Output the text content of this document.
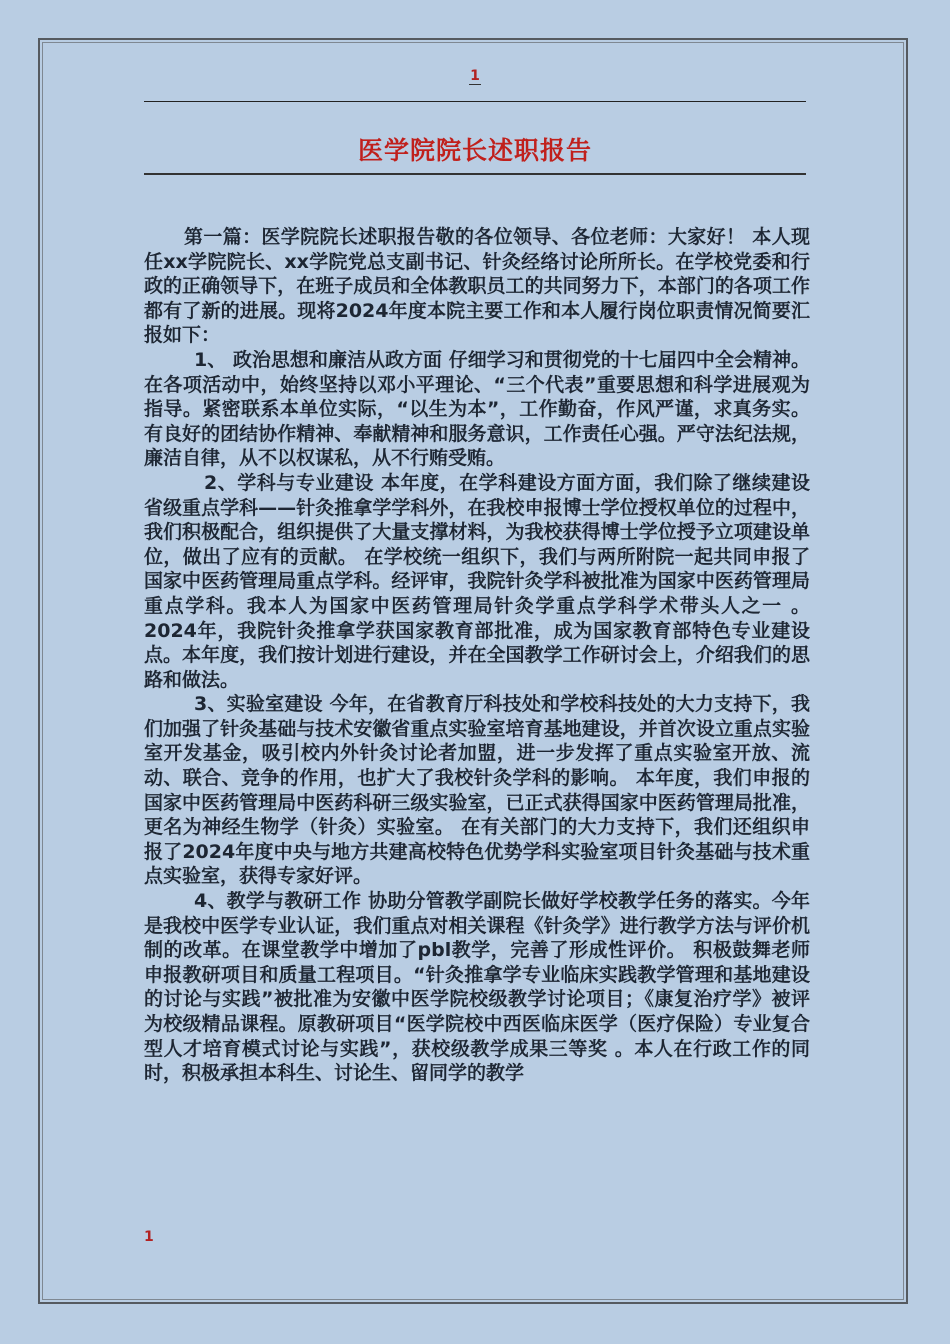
1
医学院院长述职报告

第一篇：医学院院长述职报告敬的各位领导、各位老师：大家好！ 本人现任xx学院院长、xx学院党总支副书记、针灸经络讨论所所长。在学校党委和行政的正确领导下，在班子成员和全体教职员工的共同努力下，本部门的各项工作都有了新的进展。现将2024年度本院主要工作和本人履行岗位职责情况简要汇报如下：

1、 政治思想和廉洁从政方面 仔细学习和贯彻党的十七届四中全会精神。在各项活动中，始终坚持以邓小平理论、“三个代表”重要思想和科学进展观为指导。紧密联系本单位实际，“以生为本”，工作勤奋，作风严谨，求真务实。有良好的团结协作精神、奉献精神和服务意识，工作责任心强。严守法纪法规，廉洁自律，从不以权谋私，从不行贿受贿。

2、学科与专业建设 本年度，在学科建设方面方面，我们除了继续建设省级重点学科——针灸推拿学学科外，在我校申报博士学位授权单位的过程中，我们积极配合，组织提供了大量支撑材料，为我校获得博士学位授予立项建设单位，做出了应有的贡献。 在学校统一组织下，我们与两所附院一起共同申报了国家中医药管理局重点学科。经评审，我院针灸学科被批准为国家中医药管理局重点学科。我本人为国家中医药管理局针灸学重点学科学术带头人之一 。 2024年，我院针灸推拿学获国家教育部批准，成为国家教育部特色专业建设点。本年度，我们按计划进行建设，并在全国教学工作研讨会上，介绍我们的思路和做法。

3、实验室建设 今年，在省教育厅科技处和学校科技处的大力支持下，我们加强了针灸基础与技术安徽省重点实验室培育基地建设，并首次设立重点实验室开发基金，吸引校内外针灸讨论者加盟，进一步发挥了重点实验室开放、流动、联合、竞争的作用，也扩大了我校针灸学科的影响。 本年度，我们申报的国家中医药管理局中医药科研三级实验室，已正式获得国家中医药管理局批准，更名为神经生物学（针灸）实验室。 在有关部门的大力支持下，我们还组织申报了2024年度中央与地方共建高校特色优势学科实验室项目针灸基础与技术重点实验室，获得专家好评。

4、教学与教研工作 协助分管教学副院长做好学校教学任务的落实。今年是我校中医学专业认证，我们重点对相关课程《针灸学》进行教学方法与评价机制的改革。在课堂教学中增加了pbl教学，完善了形成性评价。 积极鼓舞老师申报教研项目和质量工程项目。“针灸推拿学专业临床实践教学管理和基地建设的讨论与实践”被批准为安徽中医学院校级教学讨论项目；《康复治疗学》被评为校级精品课程。原教研项目“医学院校中西医临床医学（医疗保险）专业复合型人才培育模式讨论与实践”，获校级教学成果三等奖 。本人在行政工作的同时，积极承担本科生、讨论生、留同学的教学

1
